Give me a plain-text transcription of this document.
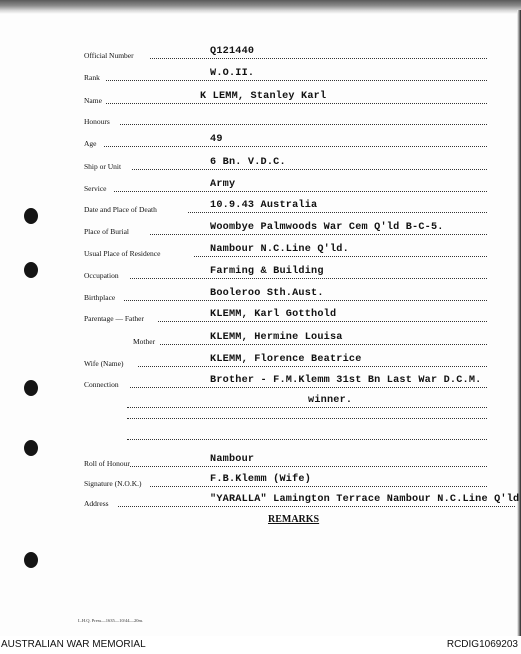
Official Number	Q121440
Rank	W.O.II.
Name	K LEMM, Stanley Karl
Honours
Age	49
Ship or Unit	6 Bn. V.D.C.
Service	Army
Date and Place of Death	10.9.43 Australia
Place of Burial	Woombye Palmwoods War Cem Q'ld B-C-5.
Usual Place of Residence	Nambour N.C.Line Q'ld.
Occupation	Farming & Building
Birthplace	Booleroo Sth.Aust.
Parentage — Father	KLEMM, Karl Gotthold
Mother	KLEMM, Hermine Louisa
Wife (Name)	KLEMM, Florence Beatrice
Connection	Brother - F.M.Klemm 31st Bn Last War D.C.M.
winner.
Roll of Honour	Nambour
Signature (N.O.K.)	F.B.Klemm (Wife)
Address	"YARALLA" Lamington Terrace Nambour N.C.Line Q'ld
REMARKS
L.H.Q. Press—1635—10/44—20m.
AUSTRALIAN WAR MEMORIAL	RCDIG1069203
